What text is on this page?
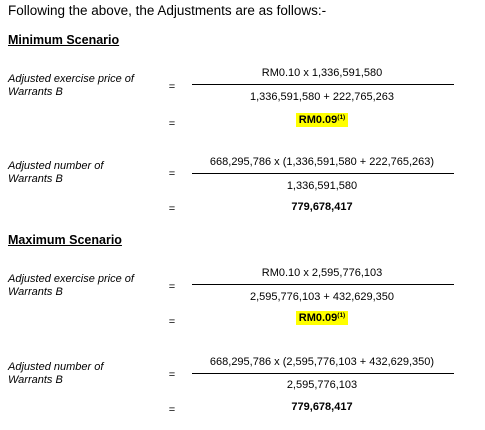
Following the above, the Adjustments are as follows:-
Minimum Scenario
Adjusted exercise price of
Warrants B	=
RM0.10 x 1,336,591,580
1,336,591,580 + 222,765,263
=	$RM0.09^{(1)}$
Adjusted number of
Warrants B	=
668,295,786 x (1,336,591,580 + 222,765,263)
1,336,591,580
=	779,678,417
Maximum Scenario
Adjusted exercise price of
Warrants B	=
RM0.10 x 2,595,776,103
2,595,776,103 + 432,629,350
=	$RM0.09^{(1)}$
Adjusted number of
Warrants B	=
668,295,786 x (2,595,776,103 + 432,629,350)
2,595,776,103
=	779,678,417
